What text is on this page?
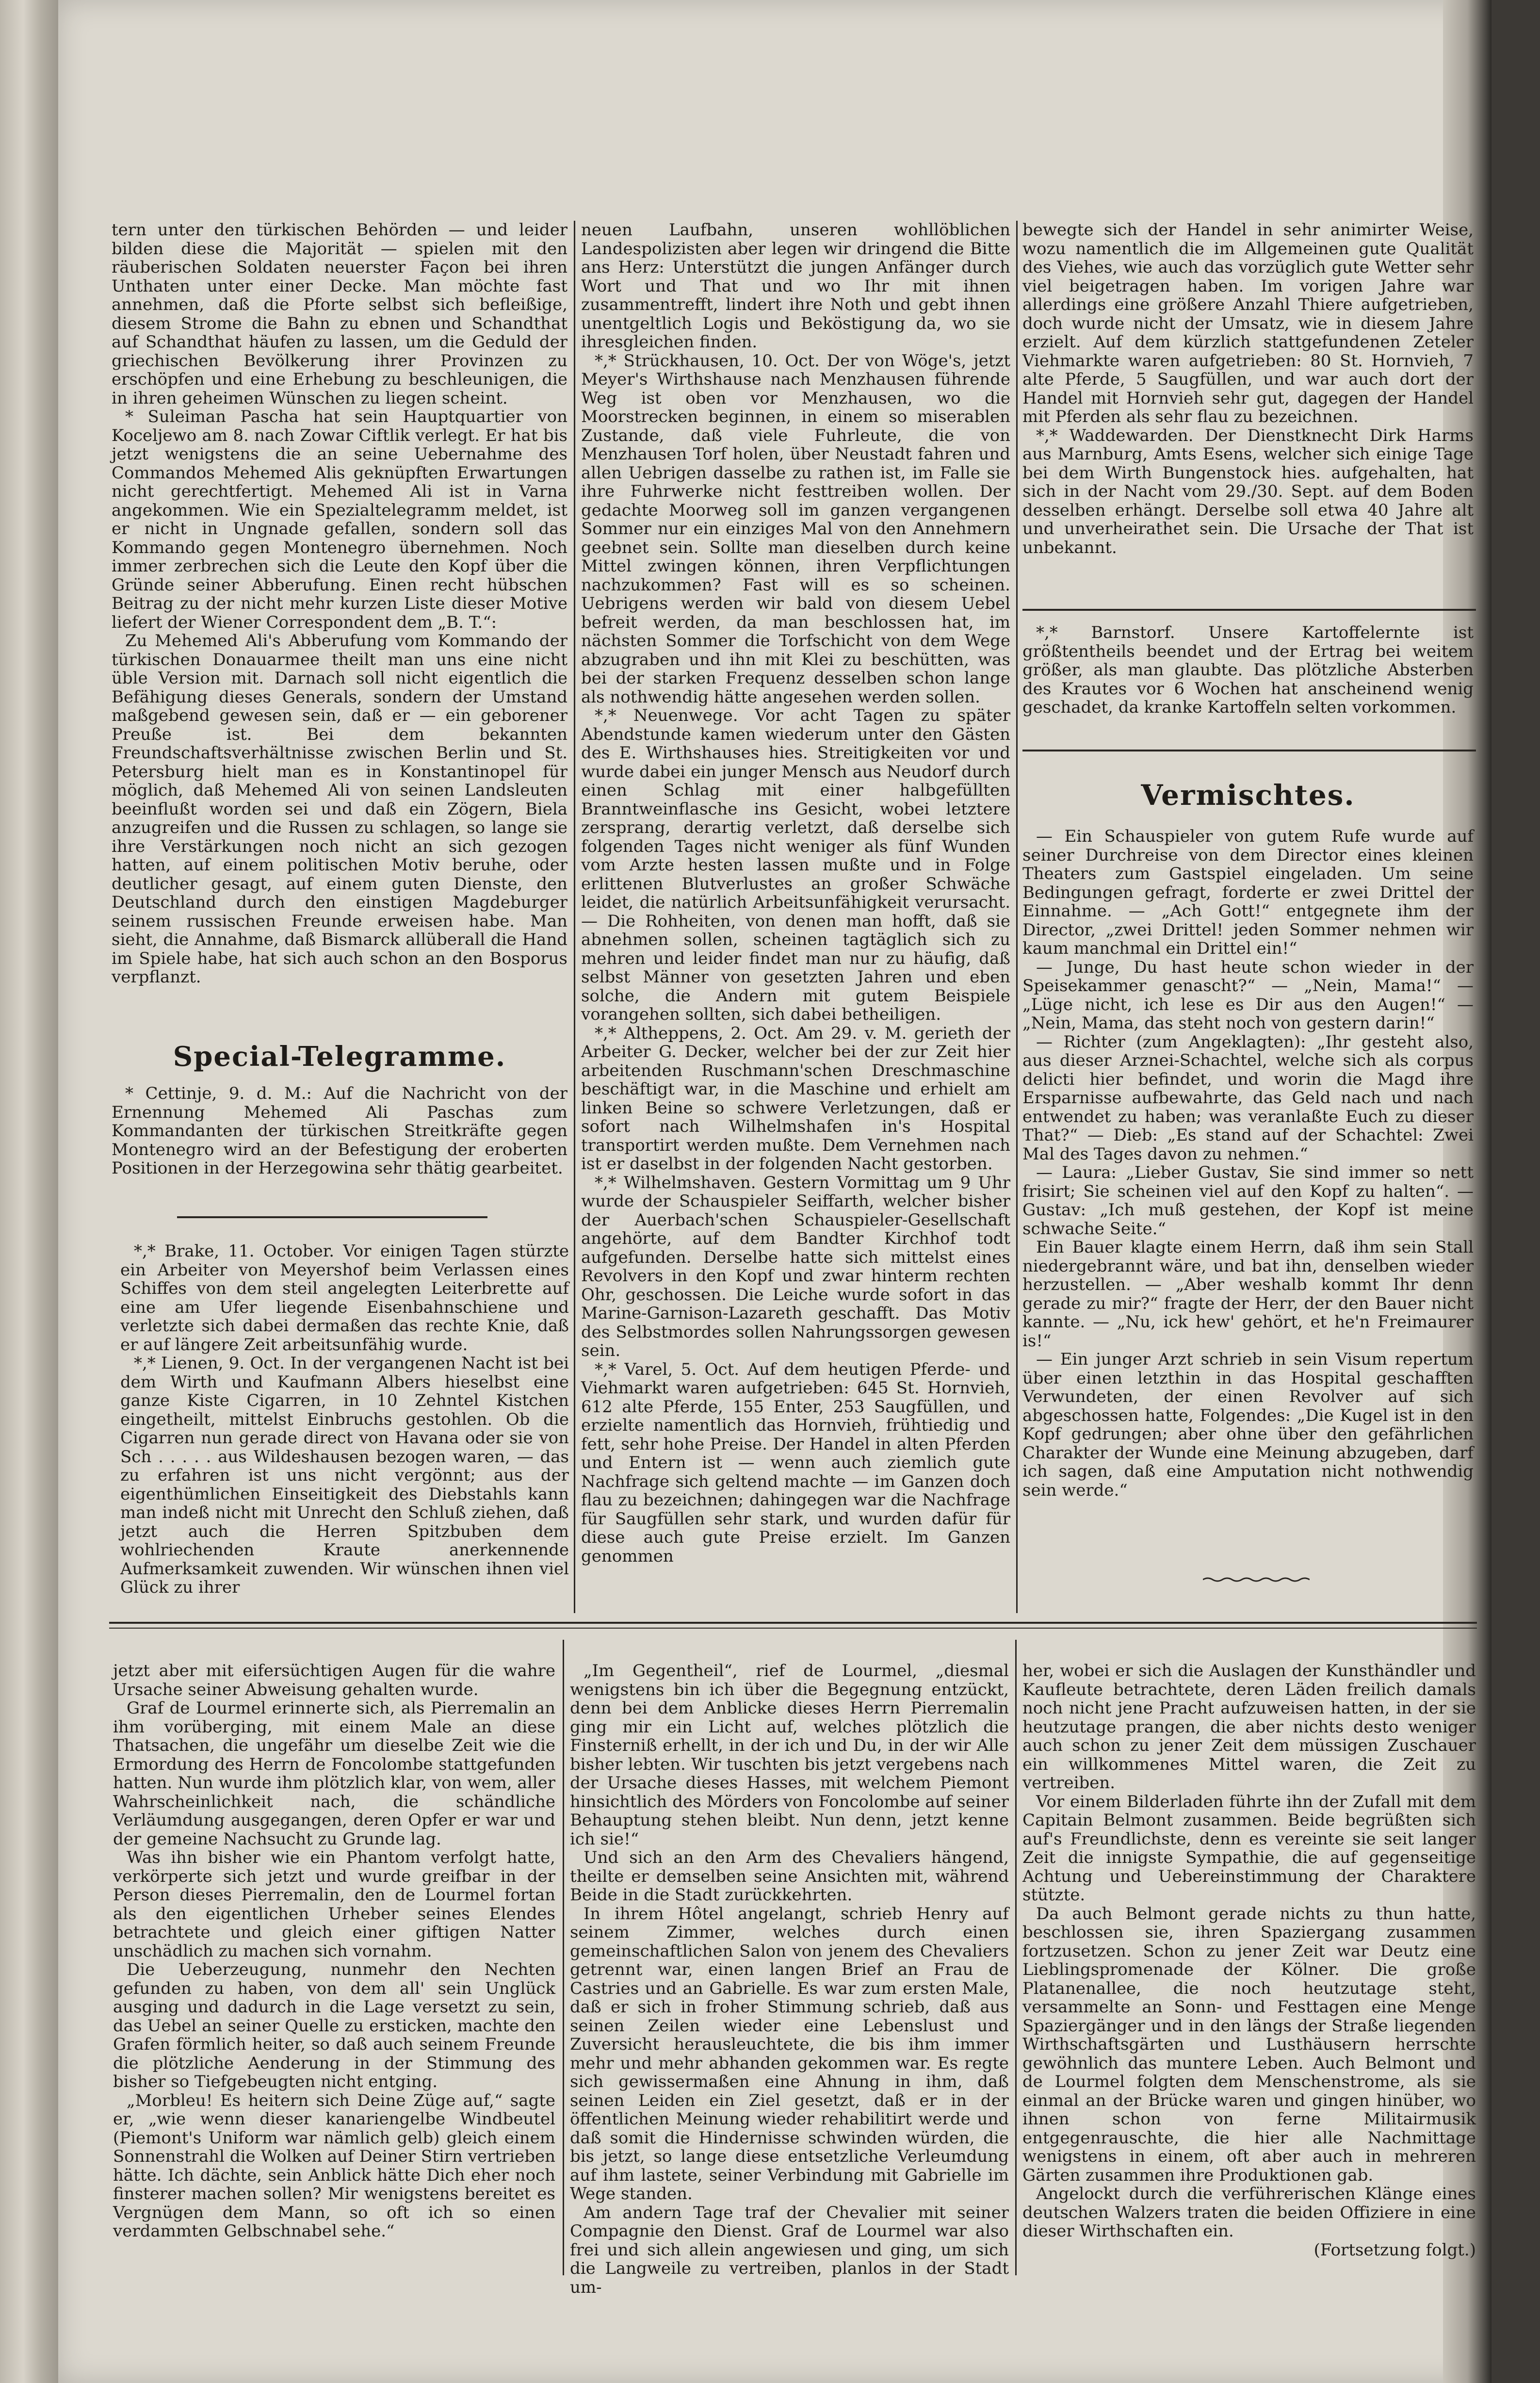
tern unter den türkischen Behörden — und leider bilden diese die Majorität — spielen mit den räuberischen Soldaten neuerster Façon bei ihren Unthaten unter einer Decke. Man möchte fast annehmen, daß die Pforte selbst sich befleißige, diesem Strome die Bahn zu ebnen und Schandthat auf Schandthat häufen zu lassen, um die Geduld der griechischen Bevölkerung ihrer Provinzen zu erschöpfen und eine Erhebung zu beschleunigen, die in ihren geheimen Wünschen zu liegen scheint.

* Suleiman Pascha hat sein Hauptquartier von Koceljewo am 8. nach Zowar Ciftlik verlegt. Er hat bis jetzt wenigstens die an seine Uebernahme des Commandos Mehemed Alis geknüpften Erwartungen nicht gerechtfertigt. Mehemed Ali ist in Varna angekommen. Wie ein Spezialtelegramm meldet, ist er nicht in Ungnade gefallen, sondern soll das Kommando gegen Montenegro übernehmen. Noch immer zerbrechen sich die Leute den Kopf über die Gründe seiner Abberufung. Einen recht hübschen Beitrag zu der nicht mehr kurzen Liste dieser Motive liefert der Wiener Correspondent dem „B. T.“:

Zu Mehemed Ali's Abberufung vom Kommando der türkischen Donauarmee theilt man uns eine nicht üble Version mit. Darnach soll nicht eigentlich die Befähigung dieses Generals, sondern der Umstand maßgebend gewesen sein, daß er — ein geborener Preuße ist. Bei dem bekannten Freundschaftsverhältnisse zwischen Berlin und St. Petersburg hielt man es in Konstantinopel für möglich, daß Mehemed Ali von seinen Landsleuten beeinflußt worden sei und daß ein Zögern, Biela anzugreifen und die Russen zu schlagen, so lange sie ihre Verstärkungen noch nicht an sich gezogen hatten, auf einem politischen Motiv beruhe, oder deutlicher gesagt, auf einem guten Dienste, den Deutschland durch den einstigen Magdeburger seinem russischen Freunde erweisen habe. Man sieht, die Annahme, daß Bismarck allüberall die Hand im Spiele habe, hat sich auch schon an den Bosporus verpflanzt.

Special-Telegramme.

* Cettinje, 9. d. M.: Auf die Nachricht von der Ernennung Mehemed Ali Paschas zum Kommandanten der türkischen Streitkräfte gegen Montenegro wird an der Befestigung der eroberten Positionen in der Herzegowina sehr thätig gearbeitet.

*,* Brake, 11. October. Vor einigen Tagen stürzte ein Arbeiter von Meyershof beim Verlassen eines Schiffes von dem steil angelegten Leiterbrette auf eine am Ufer liegende Eisenbahnschiene und verletzte sich dabei dermaßen das rechte Knie, daß er auf längere Zeit arbeitsunfähig wurde.

*,* Lienen, 9. Oct. In der vergangenen Nacht ist bei dem Wirth und Kaufmann Albers hieselbst eine ganze Kiste Cigarren, in 10 Zehntel Kistchen eingetheilt, mittelst Einbruchs gestohlen. Ob die Cigarren nun gerade direct von Havana oder sie von Sch . . . . . aus Wildeshausen bezogen waren, — das zu erfahren ist uns nicht vergönnt; aus der eigenthümlichen Einseitigkeit des Diebstahls kann man indeß nicht mit Unrecht den Schluß ziehen, daß jetzt auch die Herren Spitzbuben dem wohlriechenden Kraute anerkennende Aufmerksamkeit zuwenden. Wir wünschen ihnen viel Glück zu ihrer

neuen Laufbahn, unseren wohllöblichen Landespolizisten aber legen wir dringend die Bitte ans Herz: Unterstützt die jungen Anfänger durch Wort und That und wo Ihr mit ihnen zusammentrefft, lindert ihre Noth und gebt ihnen unentgeltlich Logis und Beköstigung da, wo sie ihresgleichen finden.

*,* Strückhausen, 10. Oct. Der von Wöge's, jetzt Meyer's Wirthshause nach Menzhausen führende Weg ist oben vor Menzhausen, wo die Moorstrecken beginnen, in einem so miserablen Zustande, daß viele Fuhrleute, die von Menzhausen Torf holen, über Neustadt fahren und allen Uebrigen dasselbe zu rathen ist, im Falle sie ihre Fuhrwerke nicht festtreiben wollen. Der gedachte Moorweg soll im ganzen vergangenen Sommer nur ein einziges Mal von den Annehmern geebnet sein. Sollte man dieselben durch keine Mittel zwingen können, ihren Verpflichtungen nachzukommen? Fast will es so scheinen. Uebrigens werden wir bald von diesem Uebel befreit werden, da man beschlossen hat, im nächsten Sommer die Torfschicht von dem Wege abzugraben und ihn mit Klei zu beschütten, was bei der starken Frequenz desselben schon lange als nothwendig hätte angesehen werden sollen.

*,* Neuenwege. Vor acht Tagen zu später Abendstunde kamen wiederum unter den Gästen des E. Wirthshauses hies. Streitigkeiten vor und wurde dabei ein junger Mensch aus Neudorf durch einen Schlag mit einer halbgefüllten Branntweinflasche ins Gesicht, wobei letztere zersprang, derartig verletzt, daß derselbe sich folgenden Tages nicht weniger als fünf Wunden vom Arzte hesten lassen mußte und in Folge erlittenen Blutverlustes an großer Schwäche leidet, die natürlich Arbeitsunfähigkeit verursacht. — Die Rohheiten, von denen man hofft, daß sie abnehmen sollen, scheinen tagtäglich sich zu mehren und leider findet man nur zu häufig, daß selbst Männer von gesetzten Jahren und eben solche, die Andern mit gutem Beispiele vorangehen sollten, sich dabei betheiligen.

*,* Altheppens, 2. Oct. Am 29. v. M. gerieth der Arbeiter G. Decker, welcher bei der zur Zeit hier arbeitenden Ruschmann'schen Dreschmaschine beschäftigt war, in die Maschine und erhielt am linken Beine so schwere Verletzungen, daß er sofort nach Wilhelmshafen in's Hospital transportirt werden mußte. Dem Vernehmen nach ist er daselbst in der folgenden Nacht gestorben.

*,* Wilhelmshaven. Gestern Vormittag um 9 Uhr wurde der Schauspieler Seiffarth, welcher bisher der Auerbach'schen Schauspieler-Gesellschaft angehörte, auf dem Bandter Kirchhof todt aufgefunden. Derselbe hatte sich mittelst eines Revolvers in den Kopf und zwar hinterm rechten Ohr, geschossen. Die Leiche wurde sofort in das Marine-Garnison-Lazareth geschafft. Das Motiv des Selbstmordes sollen Nahrungssorgen gewesen sein.

*,* Varel, 5. Oct. Auf dem heutigen Pferde- und Viehmarkt waren aufgetrieben: 645 St. Hornvieh, 612 alte Pferde, 155 Enter, 253 Saugfüllen, und erzielte namentlich das Hornvieh, frühtiedig und fett, sehr hohe Preise. Der Handel in alten Pferden und Entern ist — wenn auch ziemlich gute Nachfrage sich geltend machte — im Ganzen doch flau zu bezeichnen; dahingegen war die Nachfrage für Saugfüllen sehr stark, und wurden dafür für diese auch gute Preise erzielt. Im Ganzen genommen

bewegte sich der Handel in sehr animirter Weise, wozu namentlich die im Allgemeinen gute Qualität des Viehes, wie auch das vorzüglich gute Wetter sehr viel beigetragen haben. Im vorigen Jahre war allerdings eine größere Anzahl Thiere aufgetrieben, doch wurde nicht der Umsatz, wie in diesem Jahre erzielt. Auf dem kürzlich stattgefundenen Zeteler Viehmarkte waren aufgetrieben: 80 St. Hornvieh, 7 alte Pferde, 5 Saugfüllen, und war auch dort der Handel mit Hornvieh sehr gut, dagegen der Handel mit Pferden als sehr flau zu bezeichnen.

*,* Waddewarden. Der Dienstknecht Dirk Harms aus Marnburg, Amts Esens, welcher sich einige Tage bei dem Wirth Bungenstock hies. aufgehalten, hat sich in der Nacht vom 29./30. Sept. auf dem Boden desselben erhängt. Derselbe soll etwa 40 Jahre alt und unverheirathet sein. Die Ursache der That ist unbekannt.

*,* Barnstorf. Unsere Kartoffelernte ist größtentheils beendet und der Ertrag bei weitem größer, als man glaubte. Das plötzliche Absterben des Krautes vor 6 Wochen hat anscheinend wenig geschadet, da kranke Kartoffeln selten vorkommen.

Vermischtes.

— Ein Schauspieler von gutem Rufe wurde auf seiner Durchreise von dem Director eines kleinen Theaters zum Gastspiel eingeladen. Um seine Bedingungen gefragt, forderte er zwei Drittel der Einnahme. — „Ach Gott!“ entgegnete ihm der Director, „zwei Drittel! jeden Sommer nehmen wir kaum manchmal ein Drittel ein!“

— Junge, Du hast heute schon wieder in der Speisekammer genascht?“ — „Nein, Mama!“ — „Lüge nicht, ich lese es Dir aus den Augen!“ — „Nein, Mama, das steht noch von gestern darin!“

— Richter (zum Angeklagten): „Ihr gesteht also, aus dieser Arznei-Schachtel, welche sich als corpus delicti hier befindet, und worin die Magd ihre Ersparnisse aufbewahrte, das Geld nach und nach entwendet zu haben; was veranlaßte Euch zu dieser That?“ — Dieb: „Es stand auf der Schachtel: Zwei Mal des Tages davon zu nehmen.“

— Laura: „Lieber Gustav, Sie sind immer so nett frisirt; Sie scheinen viel auf den Kopf zu halten“. — Gustav: „Ich muß gestehen, der Kopf ist meine schwache Seite.“

Ein Bauer klagte einem Herrn, daß ihm sein Stall niedergebrannt wäre, und bat ihn, denselben wieder herzustellen. — „Aber weshalb kommt Ihr denn gerade zu mir?“ fragte der Herr, der den Bauer nicht kannte. — „Nu, ick hew' gehört, et he'n Freimaurer is!“

— Ein junger Arzt schrieb in sein Visum repertum über einen letzthin in das Hospital geschafften Verwundeten, der einen Revolver auf sich abgeschossen hatte, Folgendes: „Die Kugel ist in den Kopf gedrungen; aber ohne über den gefährlichen Charakter der Wunde eine Meinung abzugeben, darf ich sagen, daß eine Amputation nicht nothwendig sein werde.“

jetzt aber mit eifersüchtigen Augen für die wahre Ursache seiner Abweisung gehalten wurde.

Graf de Lourmel erinnerte sich, als Pierremalin an ihm vorüberging, mit einem Male an diese Thatsachen, die ungefähr um dieselbe Zeit wie die Ermordung des Herrn de Foncolombe stattgefunden hatten. Nun wurde ihm plötzlich klar, von wem, aller Wahrscheinlichkeit nach, die schändliche Verläumdung ausgegangen, deren Opfer er war und der gemeine Nachsucht zu Grunde lag.

Was ihn bisher wie ein Phantom verfolgt hatte, verkörperte sich jetzt und wurde greifbar in der Person dieses Pierremalin, den de Lourmel fortan als den eigentlichen Urheber seines Elendes betrachtete und gleich einer giftigen Natter unschädlich zu machen sich vornahm.

Die Ueberzeugung, nunmehr den Nechten gefunden zu haben, von dem all' sein Unglück ausging und dadurch in die Lage versetzt zu sein, das Uebel an seiner Quelle zu ersticken, machte den Grafen förmlich heiter, so daß auch seinem Freunde die plötzliche Aenderung in der Stimmung des bisher so Tiefgebeugten nicht entging.

„Morbleu! Es heitern sich Deine Züge auf,“ sagte er, „wie wenn dieser kanariengelbe Windbeutel (Piemont's Uniform war nämlich gelb) gleich einem Sonnenstrahl die Wolken auf Deiner Stirn vertrieben hätte. Ich dächte, sein Anblick hätte Dich eher noch finsterer machen sollen? Mir wenigstens bereitet es Vergnügen dem Mann, so oft ich so einen verdammten Gelbschnabel sehe.“

„Im Gegentheil“, rief de Lourmel, „diesmal wenigstens bin ich über die Begegnung entzückt, denn bei dem Anblicke dieses Herrn Pierremalin ging mir ein Licht auf, welches plötzlich die Finsterniß erhellt, in der ich und Du, in der wir Alle bisher lebten. Wir tuschten bis jetzt vergebens nach der Ursache dieses Hasses, mit welchem Piemont hinsichtlich des Mörders von Foncolombe auf seiner Behauptung stehen bleibt. Nun denn, jetzt kenne ich sie!“

Und sich an den Arm des Chevaliers hängend, theilte er demselben seine Ansichten mit, während Beide in die Stadt zurückkehrten.

In ihrem Hôtel angelangt, schrieb Henry auf seinem Zimmer, welches durch einen gemeinschaftlichen Salon von jenem des Chevaliers getrennt war, einen langen Brief an Frau de Castries und an Gabrielle. Es war zum ersten Male, daß er sich in froher Stimmung schrieb, daß aus seinen Zeilen wieder eine Lebenslust und Zuversicht herausleuchtete, die bis ihm immer mehr und mehr abhanden gekommen war. Es regte sich gewissermaßen eine Ahnung in ihm, daß seinen Leiden ein Ziel gesetzt, daß er in der öffentlichen Meinung wieder rehabilitirt werde und daß somit die Hindernisse schwinden würden, die bis jetzt, so lange diese entsetzliche Verleumdung auf ihm lastete, seiner Verbindung mit Gabrielle im Wege standen.

Am andern Tage traf der Chevalier mit seiner Compagnie den Dienst. Graf de Lourmel war also frei und sich allein angewiesen und ging, um sich die Langweile zu vertreiben, planlos in der Stadt um-

her, wobei er sich die Auslagen der Kunsthändler und Kaufleute betrachtete, deren Läden freilich damals noch nicht jene Pracht aufzuweisen hatten, in der sie heutzutage prangen, die aber nichts desto weniger auch schon zu jener Zeit dem müssigen Zuschauer ein willkommenes Mittel waren, die Zeit zu vertreiben.

Vor einem Bilderladen führte ihn der Zufall mit dem Capitain Belmont zusammen. Beide begrüßten sich auf's Freundlichste, denn es vereinte sie seit langer Zeit die innigste Sympathie, die auf gegenseitige Achtung und Uebereinstimmung der Charaktere stützte.

Da auch Belmont gerade nichts zu thun hatte, beschlossen sie, ihren Spaziergang zusammen fortzusetzen. Schon zu jener Zeit war Deutz eine Lieblingspromenade der Kölner. Die große Platanenallee, die noch heutzutage steht, versammelte an Sonn- und Festtagen eine Menge Spaziergänger und in den längs der Straße liegenden Wirthschaftsgärten und Lusthäusern herrschte gewöhnlich das muntere Leben. Auch Belmont und de Lourmel folgten dem Menschenstrome, als sie einmal an der Brücke waren und gingen hinüber, wo ihnen schon von ferne Militairmusik entgegenrauschte, die hier alle Nachmittage wenigstens in einem, oft aber auch in mehreren Gärten zusammen ihre Produktionen gab.

Angelockt durch die verführerischen Klänge eines deutschen Walzers traten die beiden Offiziere in eine dieser Wirthschaften ein.

(Fortsetzung folgt.)
